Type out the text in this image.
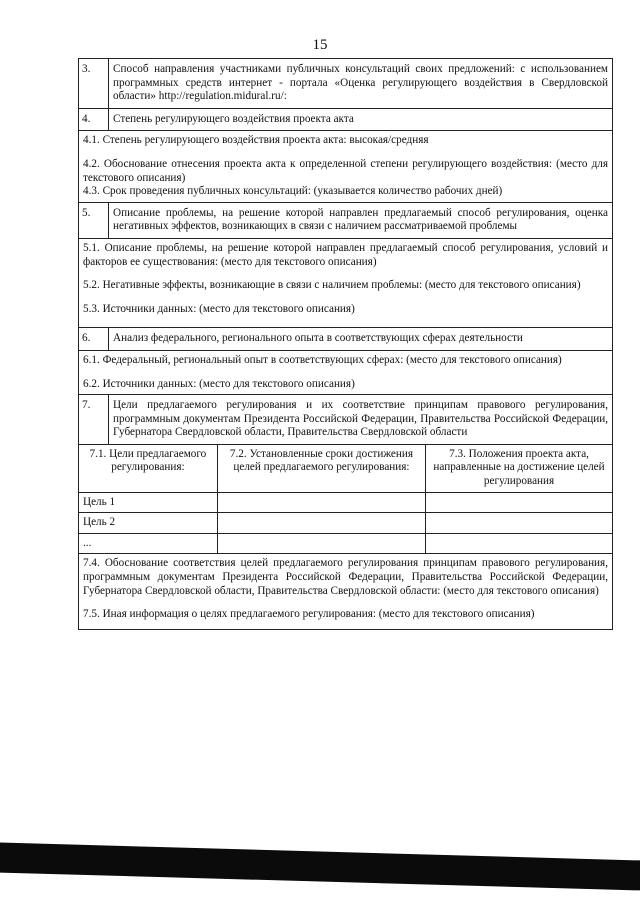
15
3.	Способ направления участниками публичных консультаций своих предложений: с использованием программных средств интернет - портала «Оценка регулирующего воздействия в Свердловской области» http://regulation.midural.ru/:
4.	Степень регулирующего воздействия проекта акта

4.1. Степень регулирующего воздействия проекта акта: высокая/средняя

4.2. Обоснование отнесения проекта акта к определенной степени регулирующего воздействия: (место для текстового описания)

4.3. Срок проведения публичных консультаций: (указывается количество рабочих дней)

5.	Описание проблемы, на решение которой направлен предлагаемый способ регулирования, оценка негативных эффектов, возникающих в связи с наличием рассматриваемой проблемы

5.1. Описание проблемы, на решение которой направлен предлагаемый способ регулирования, условий и факторов ее существования: (место для текстового описания)

5.2. Негативные эффекты, возникающие в связи с наличием проблемы: (место для текстового описания)

5.3. Источники данных: (место для текстового описания)

6.	Анализ федерального, регионального опыта в соответствующих сферах деятельности

6.1. Федеральный, региональный опыт в соответствующих сферах: (место для текстового описания)

6.2. Источники данных: (место для текстового описания)

7.	Цели предлагаемого регулирования и их соответствие принципам правового регулирования, программным документам Президента Российской Федерации, Правительства Российской Федерации, Губернатора Свердловской области, Правительства Свердловской области
7.1. Цели предлагаемого регулирования:	7.2. Установленные сроки достижения целей предлагаемого регулирования:	7.3. Положения проекта акта, направленные на достижение целей регулирования
Цель 1		
Цель 2		
...		

7.4. Обоснование соответствия целей предлагаемого регулирования принципам правового регулирования, программным документам Президента Российской Федерации, Правительства Российской Федерации, Губернатора Свердловской области, Правительства Свердловской области: (место для текстового описания)

7.5. Иная информация о целях предлагаемого регулирования: (место для текстового описания)
